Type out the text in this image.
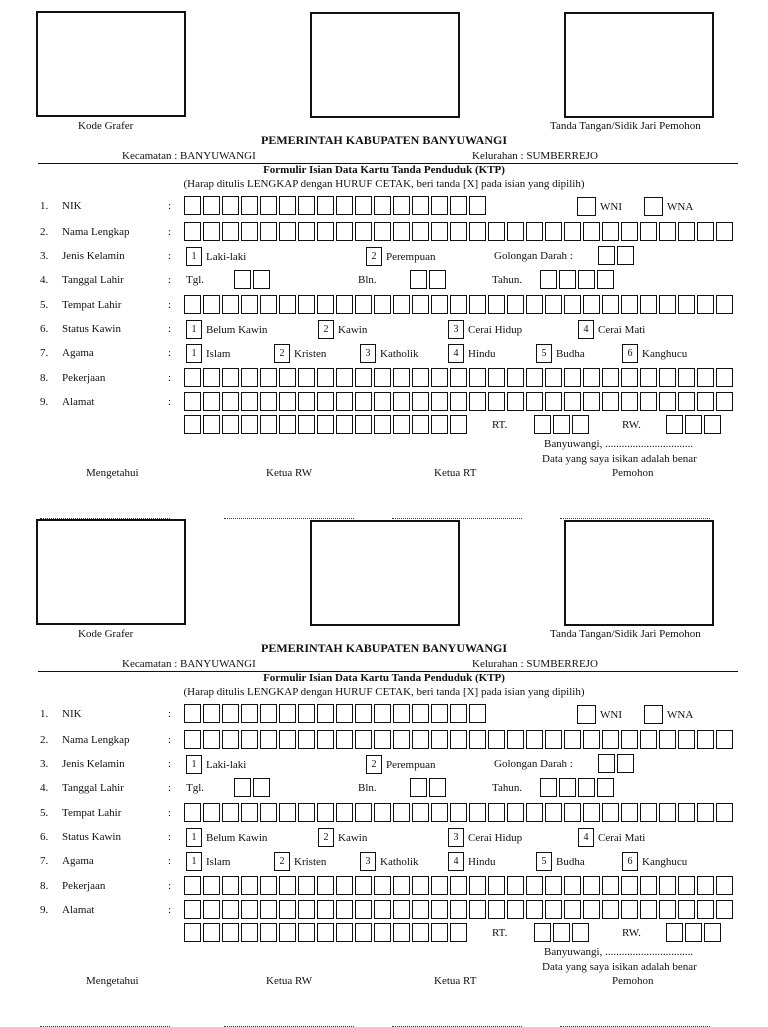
Kode Grafer	Tanda Tangan/Sidik Jari Pemohon
PEMERINTAH KABUPATEN BANYUWANGI
Kecamatan : BANYUWANGI	Kelurahan : SUMBERREJO
Formulir Isian Data Kartu Tanda Penduduk (KTP)
(Harap ditulis LENGKAP dengan HURUF CETAK, beri tanda [X] pada isian yang dipilih)
1. NIK	:	WNI	WNA
2. Nama Lengkap	:
3. Jenis Kelamin	:	1 Laki-laki	2 Perempuan	Golongan Darah :
4. Tanggal Lahir	: Tgl.	Bln.	Tahun.
5. Tempat Lahir	:
6. Status Kawin	:	1 Belum Kawin	2 Kawin	3 Cerai Hidup	4 Cerai Mati
7. Agama	:	1 Islam	2 Kristen	3 Katholik	4 Hindu	5 Budha	6 Kanghucu
8. Pekerjaan	:
9. Alamat	:
RT.	RW.
Banyuwangi, ................................
Data yang saya isikan adalah benar
Mengetahui	Ketua RW	Ketua RT	Pemohon
Kode Grafer	Tanda Tangan/Sidik Jari Pemohon
PEMERINTAH KABUPATEN BANYUWANGI
Kecamatan : BANYUWANGI	Kelurahan : SUMBERREJO
Formulir Isian Data Kartu Tanda Penduduk (KTP)
(Harap ditulis LENGKAP dengan HURUF CETAK, beri tanda [X] pada isian yang dipilih)
1. NIK	:	WNI	WNA
2. Nama Lengkap	:
3. Jenis Kelamin	:	1 Laki-laki	2 Perempuan	Golongan Darah :
4. Tanggal Lahir	: Tgl.	Bln.	Tahun.
5. Tempat Lahir	:
6. Status Kawin	:	1 Belum Kawin	2 Kawin	3 Cerai Hidup	4 Cerai Mati
7. Agama	:	1 Islam	2 Kristen	3 Katholik	4 Hindu	5 Budha	6 Kanghucu
8. Pekerjaan	:
9. Alamat	:
RT.	RW.
Banyuwangi, ................................
Data yang saya isikan adalah benar
Mengetahui	Ketua RW	Ketua RT	Pemohon
